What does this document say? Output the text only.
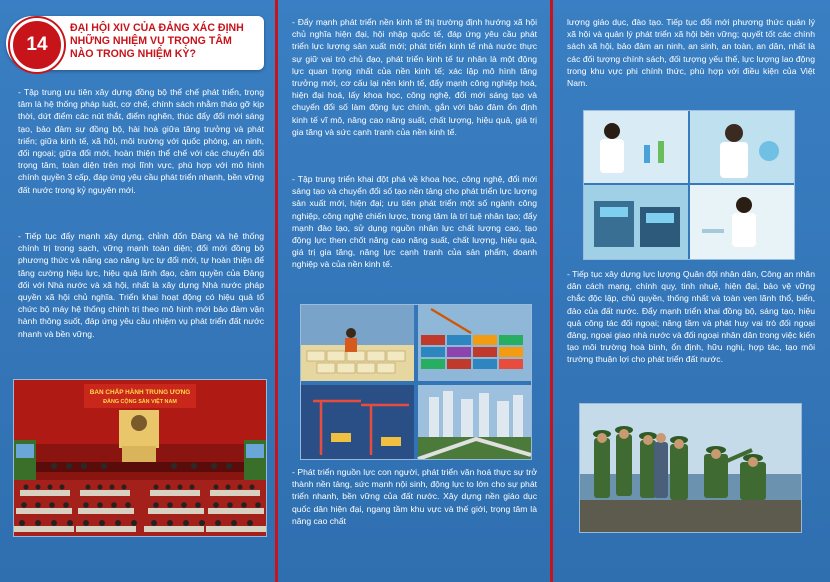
14
ĐẠI HỘI XIV CỦA ĐẢNG XÁC ĐỊNH
NHỮNG NHIỆM VỤ TRỌNG TÂM
NÀO TRONG NHIỆM KỲ?

- Tập trung ưu tiên xây dựng đồng bộ thể chế phát triển, trọng tâm là hệ thống pháp luật, cơ chế, chính sách nhằm tháo gỡ kịp thời, dứt điểm các nút thắt, điểm nghẽn, thúc đẩy đổi mới sáng tạo, bảo đảm sự đồng bộ, hài hoà giữa tăng trưởng và phát triển; giữa kinh tế, xã hội, môi trường với quốc phòng, an ninh, đối ngoại; giữa đổi mới, hoàn thiện thể chế với các chuyển đổi trọng tâm, toàn diện trên mọi lĩnh vực, phù hợp với mô hình chính quyền 3 cấp, đáp ứng yêu cầu phát triển nhanh, bền vững đất nước trong kỷ nguyên mới.

- Tiếp tục đẩy mạnh xây dựng, chỉnh đốn Đảng và hệ thống chính trị trong sạch, vững mạnh toàn diện; đổi mới đồng bộ phương thức và nâng cao năng lực tự đổi mới, tự hoàn thiện để tăng cường hiệu lực, hiệu quả lãnh đạo, cầm quyền của Đảng đối với Nhà nước và xã hội, nhất là xây dựng Nhà nước pháp quyền xã hội chủ nghĩa. Triển khai hoạt động có hiệu quả tổ chức bộ máy hệ thống chính trị theo mô hình mới bảo đảm vận hành thông suốt, đáp ứng yêu cầu nhiệm vụ phát triển đất nước nhanh và bền vững.

BAN CHẤP HÀNH TRUNG ƯƠNG
ĐẢNG CỘNG SẢN VIỆT NAM

- Đẩy mạnh phát triển nền kinh tế thị trường định hướng xã hội chủ nghĩa hiện đại, hội nhập quốc tế, đáp ứng yêu cầu phát triển lực lượng sản xuất mới; phát triển kinh tế nhà nước thực sự giữ vai trò chủ đạo, phát triển kinh tế tư nhân là một động lực quan trọng nhất của nền kinh tế; xác lập mô hình tăng trưởng mới, cơ cấu lại nền kinh tế, đẩy mạnh công nghiệp hoá, hiện đại hoá, lấy khoa học, công nghệ, đổi mới sáng tạo và chuyển đổi số làm động lực chính, gắn với bảo đảm ổn định kinh tế vĩ mô, nâng cao năng suất, chất lượng, hiệu quả, giá trị gia tăng và sức cạnh tranh của nền kinh tế.

- Tập trung triển khai đột phá về khoa học, công nghệ, đổi mới sáng tạo và chuyển đổi số tạo nền tảng cho phát triển lực lượng sản xuất mới, hiện đại; ưu tiên phát triển một số ngành công nghiệp, công nghệ chiến lược, trong tâm là trí tuệ nhân tạo; đẩy mạnh đào tạo, sử dụng nguồn nhân lực chất lượng cao, tạo động lực then chốt nâng cao năng suất, chất lượng, hiệu quả, giá trị gia tăng, năng lực cạnh tranh của sản phẩm, doanh nghiệp và của nền kinh tế.

- Phát triển nguồn lực con người, phát triển văn hoá thực sự trở thành nền tảng, sức mạnh nội sinh, động lực to lớn cho sự phát triển nhanh, bền vững của đất nước. Xây dựng nền giáo dục quốc dân hiện đại, ngang tầm khu vực và thế giới, trọng tâm là nâng cao chất

lượng giáo dục, đào tạo. Tiếp tục đổi mới phương thức quản lý xã hội và quản lý phát triển xã hội bền vững; quyết tốt các chính sách xã hội, bảo đảm an ninh, an sinh, an toàn, an dân, nhất là các đối tượng chính sách, đối tượng yếu thế, lực lượng lao động trong khu vực phi chính thức, phù hợp với điều kiện của Việt Nam.

- Tiếp tục xây dựng lực lượng Quân đội nhân dân, Công an nhân dân cách mạng, chính quy, tinh nhuệ, hiện đại, bảo vệ vững chắc độc lập, chủ quyền, thống nhất và toàn vẹn lãnh thổ, biển, đảo của đất nước. Đẩy mạnh triển khai đồng bộ, sáng tạo, hiệu quả công tác đối ngoại; nâng tầm và phát huy vai trò đối ngoại đảng, ngoại giao nhà nước và đối ngoại nhân dân trong việc kiến tạo môi trường hoà bình, ổn định, hữu nghị, hợp tác, tạo môi trường thuận lợi cho phát triển đất nước.
